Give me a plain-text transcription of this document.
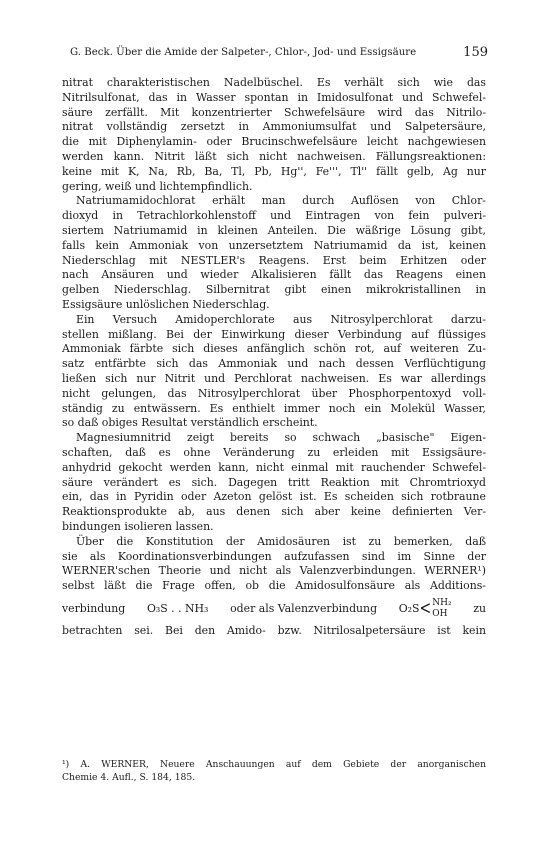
G. Beck. Über die Amide der Salpeter-, Chlor-, Jod- und Essigsäure	159
nitrat charakteristischen Nadelbüschel. Es verhält sich wie das
Nitrilsulfonat, das in Wasser spontan in Imidosulfonat und Schwefel-
säure zerfällt. Mit konzentrierter Schwefelsäure wird das Nitrilo-
nitrat vollständig zersetzt in Ammoniumsulfat und Salpetersäure,
die mit Diphenylamin- oder Brucinschwefelsäure leicht nachgewiesen
werden kann. Nitrit läßt sich nicht nachweisen. Fällungsreaktionen:
keine mit K, Na, Rb, Ba, Tl, Pb, Hg'', Fe''', Tl'' fällt gelb, Ag nur
gering, weiß und lichtempfindlich.
Natriumamidochlorat erhält man durch Auflösen von Chlor-
dioxyd in Tetrachlorkohlenstoff und Eintragen von fein pulveri-
siertem Natriumamid in kleinen Anteilen. Die wäßrige Lösung gibt,
falls kein Ammoniak von unzersetztem Natriumamid da ist, keinen
Niederschlag mit NESTLER's Reagens. Erst beim Erhitzen oder
nach Ansäuren und wieder Alkalisieren fällt das Reagens einen
gelben Niederschlag. Silbernitrat gibt einen mikrokristallinen in
Essigsäure unlöslichen Niederschlag.
Ein Versuch Amidoperchlorate aus Nitrosylperchlorat darzu-
stellen mißlang. Bei der Einwirkung dieser Verbindung auf flüssiges
Ammoniak färbte sich dieses anfänglich schön rot, auf weiteren Zu-
satz entfärbte sich das Ammoniak und nach dessen Verflüchtigung
ließen sich nur Nitrit und Perchlorat nachweisen. Es war allerdings
nicht gelungen, das Nitrosylperchlorat über Phosphorpentoxyd voll-
ständig zu entwässern. Es enthielt immer noch ein Molekül Wasser,
so daß obiges Resultat verständlich erscheint.
Magnesiumnitrid zeigt bereits so schwach „basische" Eigen-
schaften, daß es ohne Veränderung zu erleiden mit Essigsäure-
anhydrid gekocht werden kann, nicht einmal mit rauchender Schwefel-
säure verändert es sich. Dagegen tritt Reaktion mit Chromtrioxyd
ein, das in Pyridin oder Azeton gelöst ist. Es scheiden sich rotbraune
Reaktionsprodukte ab, aus denen sich aber keine definierten Ver-
bindungen isolieren lassen.
Über die Konstitution der Amidosäuren ist zu bemerken, daß
sie als Koordinationsverbindungen aufzufassen sind im Sinne der
WERNER'schen Theorie und nicht als Valenzverbindungen. WERNER¹)
selbst läßt die Frage offen, ob die Amidosulfonsäure als Additions-
verbindung O₃S . . NH₃ oder als Valenzverbindung O₂S< NH₂
OH	zu
betrachten sei. Bei den Amido- bzw. Nitrilosalpetersäure ist kein
¹) A. WERNER, Neuere Anschauungen auf dem Gebiete der anorganischen
Chemie 4. Aufl., S. 184, 185.
